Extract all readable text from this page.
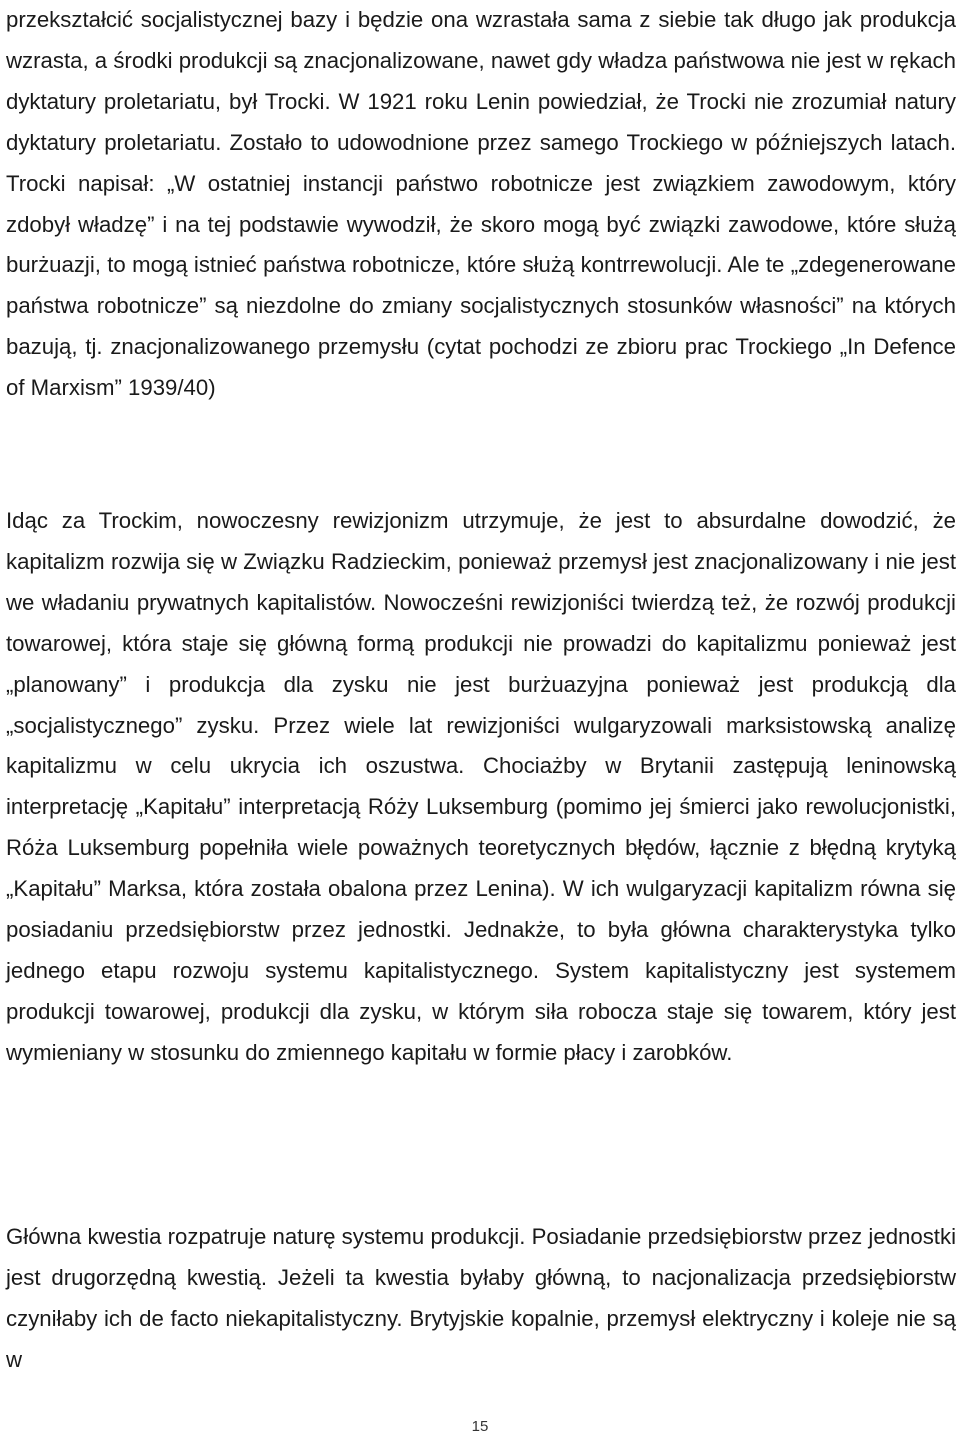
przekształcić socjalistycznej bazy i będzie ona wzrastała sama z siebie tak długo jak produkcja wzrasta, a środki produkcji są znacjonalizowane, nawet gdy władza państwowa nie jest w rękach dyktatury proletariatu, był Trocki. W 1921 roku Lenin powiedział, że Trocki nie zrozumiał natury dyktatury proletariatu. Zostało to udowodnione przez samego Trockiego w późniejszych latach. Trocki napisał: „W ostatniej instancji państwo robotnicze jest związkiem zawodowym, który zdobył władzę” i na tej podstawie wywodził, że skoro mogą być związki zawodowe, które służą burżuazji, to mogą istnieć państwa robotnicze, które służą kontrrewolucji. Ale te „zdegenerowane państwa robotnicze” są niezdolne do zmiany socjalistycznych stosunków własności” na których bazują, tj. znacjonalizowanego przemysłu (cytat pochodzi ze zbioru prac Trockiego „In Defence of Marxism” 1939/40)

Idąc za Trockim, nowoczesny rewizjonizm utrzymuje, że jest to absurdalne dowodzić, że kapitalizm rozwija się w Związku Radzieckim, ponieważ przemysł jest znacjonalizowany i nie jest we władaniu prywatnych kapitalistów. Nowocześni rewizjoniści twierdzą też, że rozwój produkcji towarowej, która staje się główną formą produkcji nie prowadzi do kapitalizmu ponieważ jest „planowany” i produkcja dla zysku nie jest burżuazyjna ponieważ jest produkcją dla „socjalistycznego” zysku. Przez wiele lat rewizjoniści wulgaryzowali marksistowską analizę kapitalizmu w celu ukrycia ich oszustwa. Chociażby w Brytanii zastępują leninowską interpretację „Kapitału” interpretacją Róży Luksemburg (pomimo jej śmierci jako rewolucjonistki, Róża Luksemburg popełniła wiele poważnych teoretycznych błędów, łącznie z błędną krytyką „Kapitału” Marksa, która została obalona przez Lenina). W ich wulgaryzacji kapitalizm równa się posiadaniu przedsiębiorstw przez jednostki. Jednakże, to była główna charakterystyka tylko jednego etapu rozwoju systemu kapitalistycznego. System kapitalistyczny jest systemem produkcji towarowej, produkcji dla zysku, w którym siła robocza staje się towarem, który jest wymieniany w stosunku do zmiennego kapitału w formie płacy i zarobków.

Główna kwestia rozpatruje naturę systemu produkcji. Posiadanie przedsiębiorstw przez jednostki jest drugorzędną kwestią. Jeżeli ta kwestia byłaby główną, to nacjonalizacja przedsiębiorstw czyniłaby ich de facto niekapitalistyczny. Brytyjskie kopalnie, przemysł elektryczny i koleje nie są w

15
